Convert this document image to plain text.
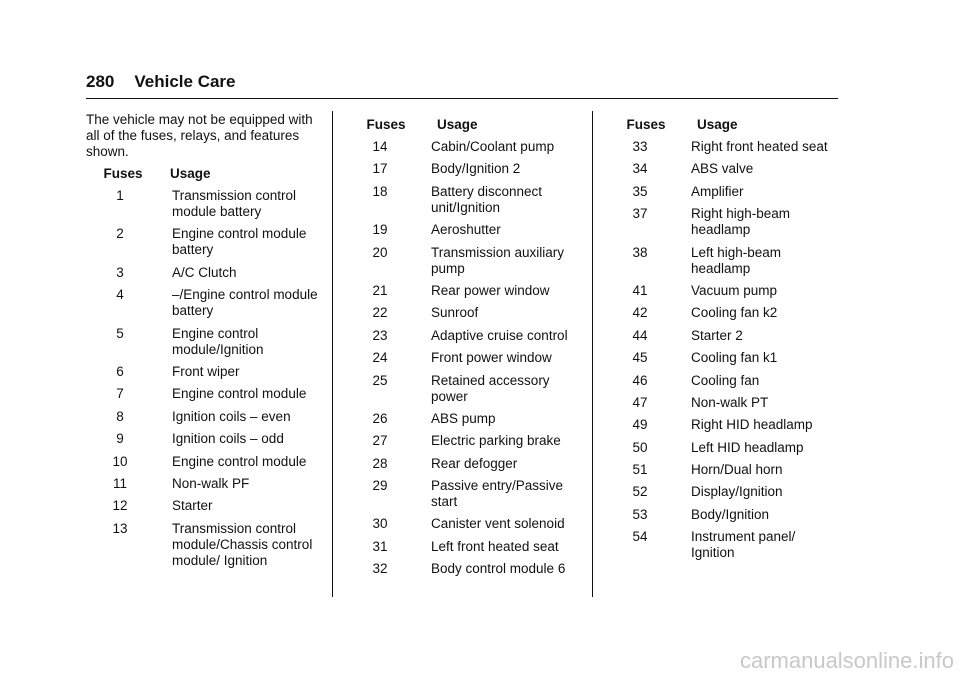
280 Vehicle Care

The vehicle may not be equipped with all of the fuses, relays, and features shown.

Fuses	Usage
1	Transmission control module battery
2	Engine control module battery
3	A/C Clutch
4	–/Engine control module battery
5	Engine control module/Ignition
6	Front wiper
7	Engine control module
8	Ignition coils – even
9	Ignition coils – odd
10	Engine control module
11	Non-walk PF
12	Starter
13	Transmission control module/Chassis control module/ Ignition
Fuses	Usage
14	Cabin/Coolant pump
17	Body/Ignition 2
18	Battery disconnect unit/Ignition
19	Aeroshutter
20	Transmission auxiliary pump
21	Rear power window
22	Sunroof
23	Adaptive cruise control
24	Front power window
25	Retained accessory power
26	ABS pump
27	Electric parking brake
28	Rear defogger
29	Passive entry/Passive start
30	Canister vent solenoid
31	Left front heated seat
32	Body control module 6
Fuses	Usage
33	Right front heated seat
34	ABS valve
35	Amplifier
37	Right high-beam headlamp
38	Left high-beam headlamp
41	Vacuum pump
42	Cooling fan k2
44	Starter 2
45	Cooling fan k1
46	Cooling fan
47	Non-walk PT
49	Right HID headlamp
50	Left HID headlamp
51	Horn/Dual horn
52	Display/Ignition
53	Body/Ignition
54	Instrument panel/ Ignition
carmanualsonline.info
